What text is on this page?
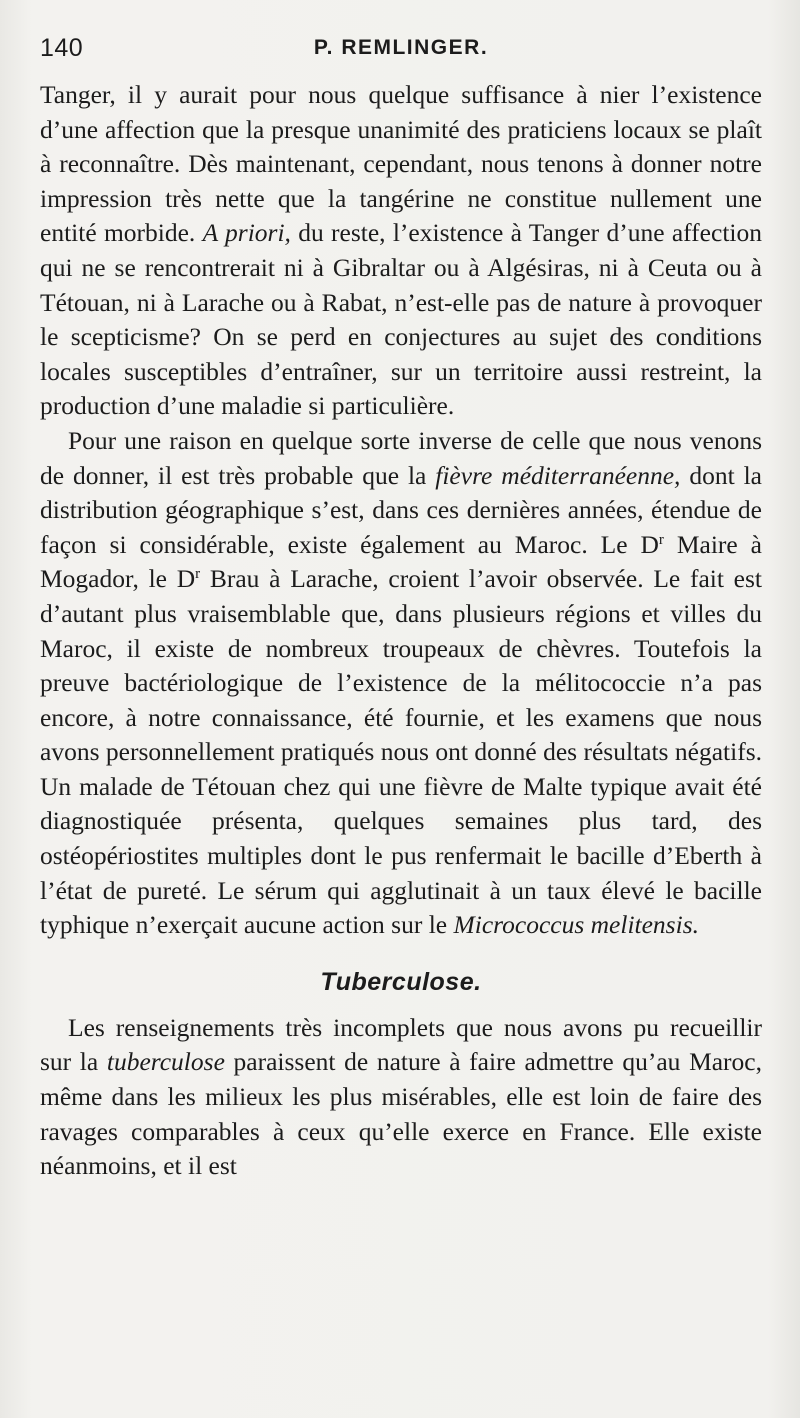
140	P. REMLINGER.

Tanger, il y aurait pour nous quelque suffisance à nier l’existence d’une affection que la presque unanimité des praticiens locaux se plaît à reconnaître. Dès maintenant, cependant, nous tenons à donner notre impression très nette que la tangérine ne constitue nullement une entité morbide. A priori, du reste, l’existence à Tanger d’une affection qui ne se rencontrerait ni à Gibraltar ou à Algésiras, ni à Ceuta ou à Tétouan, ni à Larache ou à Rabat, n’est-elle pas de nature à provoquer le scepticisme? On se perd en conjectures au sujet des conditions locales susceptibles d’entraîner, sur un territoire aussi restreint, la production d’une maladie si particulière.

Pour une raison en quelque sorte inverse de celle que nous venons de donner, il est très probable que la fièvre méditerranéenne, dont la distribution géographique s’est, dans ces dernières années, étendue de façon si considérable, existe également au Maroc. Le $D^r$ Maire à Mogador, le $D^r$ Brau à Larache, croient l’avoir observée. Le fait est d’autant plus vraisemblable que, dans plusieurs régions et villes du Maroc, il existe de nombreux troupeaux de chèvres. Toutefois la preuve bactériologique de l’existence de la mélitococcie n’a pas encore, à notre connaissance, été fournie, et les examens que nous avons personnellement pratiqués nous ont donné des résultats négatifs. Un malade de Tétouan chez qui une fièvre de Malte typique avait été diagnostiquée présenta, quelques semaines plus tard, des ostéopériostites multiples dont le pus renfermait le bacille d’Eberth à l’état de pureté. Le sérum qui agglutinait à un taux élevé le bacille typhique n’exerçait aucune action sur le Micrococcus melitensis.

Tuberculose.

Les renseignements très incomplets que nous avons pu recueillir sur la tuberculose paraissent de nature à faire admettre qu’au Maroc, même dans les milieux les plus misérables, elle est loin de faire des ravages comparables à ceux qu’elle exerce en France. Elle existe néanmoins, et il est
